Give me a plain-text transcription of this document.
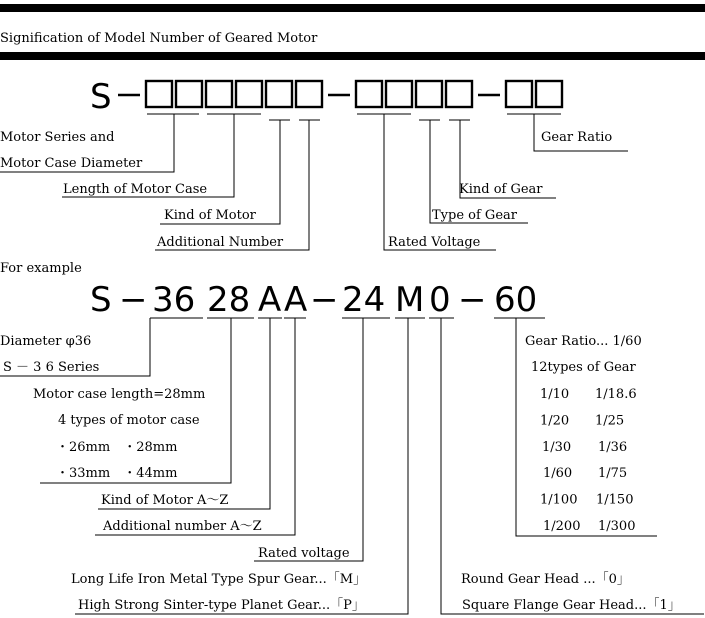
Signification of Model Number of Geared Motor
S
Motor Series and
Motor Case Diameter
Length of Motor Case
Kind of Motor
Additional Number	Rated Voltage
Type of Gear
Kind of Gear
Gear Ratio
For example
S − 36 28 A A − 24 M 0 − 60
Diameter φ36
S － 3 6 Series
Motor case length=28mm
4 types of motor case
・26mm　・28mm
・33mm　・44mm
Kind of Motor A～Z
Additional number A～Z
Rated voltage
Long Life Iron Metal Type Spur Gear...「M」
High Strong Sinter-type Planet Gear...「P」
Round Gear Head ...「0」
Square Flange Gear Head...「1」
Gear Ratio... 1/60
12types of Gear
1/10 1/18.6
1/20 1/25
1/30 1/36
1/60 1/75
1/100 1/150
1/200 1/300
